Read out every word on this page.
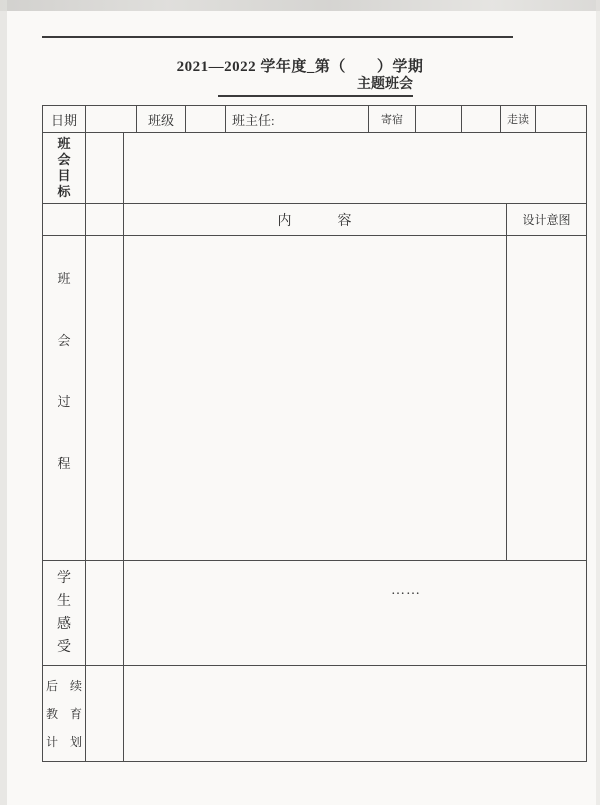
2021—2022 学年度_第（　　）学期
主题班会
日期	班级	班主任:	寄宿	走读
班会目标
内　　　容	设计意图
班
会
过
程
学生感受
……
后　续
教　育
计　划
